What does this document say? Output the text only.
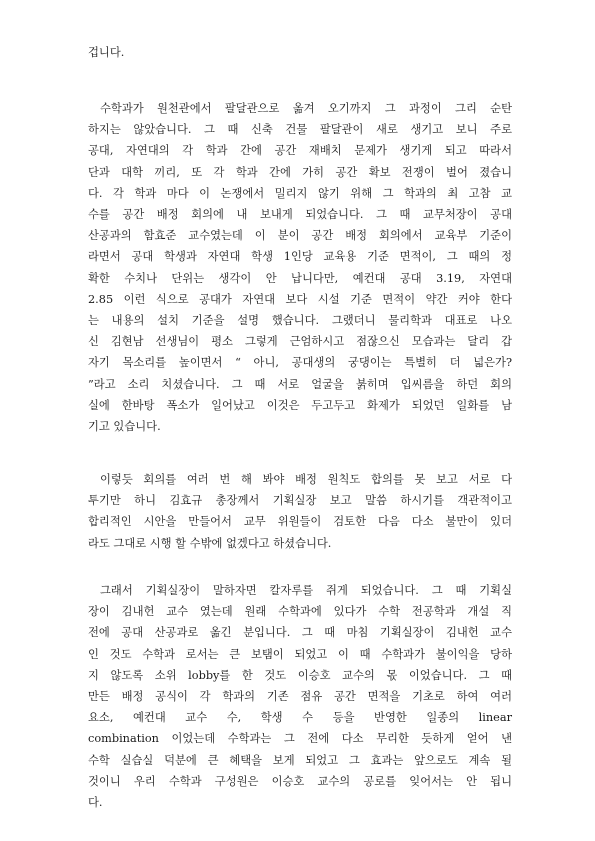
겁니다.
수학과가 원천관에서 팔달관으로 옮겨 오기까지 그 과정이 그리 순탄
하지는 않았습니다. 그 때 신축 건물 팔달관이 새로 생기고 보니 주로
공대, 자연대의 각 학과 간에 공간 재배치 문제가 생기게 되고 따라서
단과 대학 끼리, 또 각 학과 간에 가히 공간 확보 전쟁이 벌어 졌습니
다. 각 학과 마다 이 논쟁에서 밀리지 않기 위해 그 학과의 최 고참 교
수를 공간 배정 회의에 내 보내게 되었습니다. 그 때 교무처장이 공대
산공과의 함효준 교수였는데 이 분이 공간 배정 회의에서 교육부 기준이
라면서 공대 학생과 자연대 학생 1인당 교육용 기준 면적이, 그 때의 정
확한 수치나 단위는 생각이 안 납니다만, 예컨대 공대 3.19, 자연대
2.85 이런 식으로 공대가 자연대 보다 시설 기준 면적이 약간 커야 한다
는 내용의 설치 기준을 설명 했습니다. 그랬더니 물리학과 대표로 나오
신 김현남 선생님이 평소 그렇게 근엄하시고 점잖으신 모습과는 달리 갑
자기 목소리를 높이면서 “ 아니, 공대생의 궁댕이는 특별히 더 넓은가?
”라고 소리 치셨습니다. 그 때 서로 얼굴을 붉히며 입씨름을 하던 회의
실에 한바탕 폭소가 일어났고 이것은 두고두고 화제가 되었던 일화를 남
기고 있습니다.
이렇듯 회의를 여러 번 해 봐야 배정 원칙도 합의를 못 보고 서로 다
투기만 하니 김효규 총장께서 기획실장 보고 말씀 하시기를 객관적이고
합리적인 시안을 만들어서 교무 위원들이 검토한 다음 다소 불만이 있더
라도 그대로 시행 할 수밖에 없겠다고 하셨습니다.
그래서 기획실장이 말하자면 칼자루를 쥐게 되었습니다. 그 때 기획실
장이 김내헌 교수 였는데 원래 수학과에 있다가 수학 전공학과 개설 직
전에 공대 산공과로 옮긴 분입니다. 그 때 마침 기획실장이 김내헌 교수
인 것도 수학과 로서는 큰 보탬이 되었고 이 때 수학과가 불이익을 당하
지 않도록 소위 lobby를 한 것도 이승호 교수의 몫 이었습니다. 그 때
만든 배정 공식이 각 학과의 기존 점유 공간 면적을 기초로 하여 여러
요소, 예컨대 교수 수, 학생 수 등을 반영한 일종의 linear
combination 이었는데 수학과는 그 전에 다소 무리한 듯하게 얻어 낸
수학 실습실 덕분에 큰 혜택을 보게 되었고 그 효과는 앞으로도 계속 될
것이니 우리 수학과 구성원은 이승호 교수의 공로를 잊어서는 안 됩니
다.
